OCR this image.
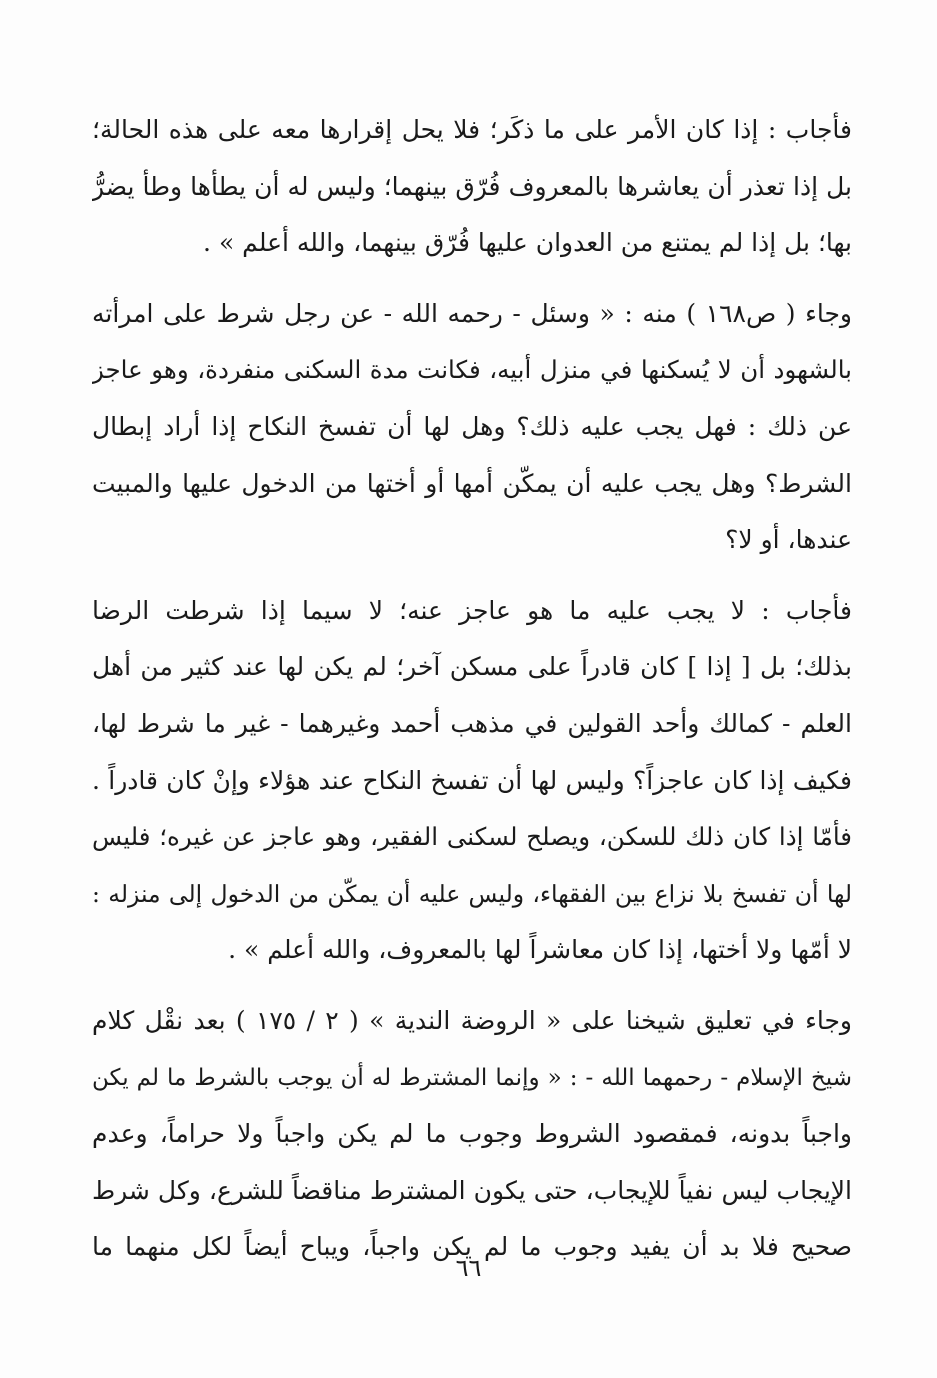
فأجاب : إذا كان الأمر على ما ذكَر؛ فلا يحل إقرارها معه على هذه الحالة؛
بل إذا تعذر أن يعاشرها بالمعروف فُرّق بينهما؛ وليس له أن يطأها وطأ يضرُّ
بها؛ بل إذا لم يمتنع من العدوان عليها فُرّق بينهما، والله أعلم » .
وجاء ( ص١٦٨ ) منه : « وسئل - رحمه الله - عن رجل شرط على امرأته
بالشهود أن لا يُسكنها في منزل أبيه، فكانت مدة السكنى منفردة، وهو عاجز
عن ذلك : فهل يجب عليه ذلك؟ وهل لها أن تفسخ النكاح إذا أراد إبطال
الشرط؟ وهل يجب عليه أن يمكّن أمها أو أختها من الدخول عليها والمبيت
عندها، أو لا؟
فأجاب : لا يجب عليه ما هو عاجز عنه؛ لا سيما إذا شرطت الرضا
بذلك؛ بل [ إذا ] كان قادراً على مسكن آخر؛ لم يكن لها عند كثير من أهل
العلم - كمالك وأحد القولين في مذهب أحمد وغيرهما - غير ما شرط لها،
فكيف إذا كان عاجزاً؟ وليس لها أن تفسخ النكاح عند هؤلاء وإنْ كان قادراً .
فأمّا إذا كان ذلك للسكن، ويصلح لسكنى الفقير، وهو عاجز عن غيره؛ فليس
لها أن تفسخ بلا نزاع بين الفقهاء، وليس عليه أن يمكّن من الدخول إلى منزله :
لا أمّها ولا أختها، إذا كان معاشراً لها بالمعروف، والله أعلم » .
وجاء في تعليق شيخنا على « الروضة الندية » ( ٢ / ١٧٥ ) بعد نقْل كلام
شيخ الإسلام - رحمهما الله - : « وإنما المشترط له أن يوجب بالشرط ما لم يكن
واجباً بدونه، فمقصود الشروط وجوب ما لم يكن واجباً ولا حراماً، وعدم
الإيجاب ليس نفياً للإيجاب، حتى يكون المشترط مناقضاً للشرع، وكل شرط
صحيح فلا بد أن يفيد وجوب ما لم يكن واجباً، ويباح أيضاً لكل منهما ما
٦٦
